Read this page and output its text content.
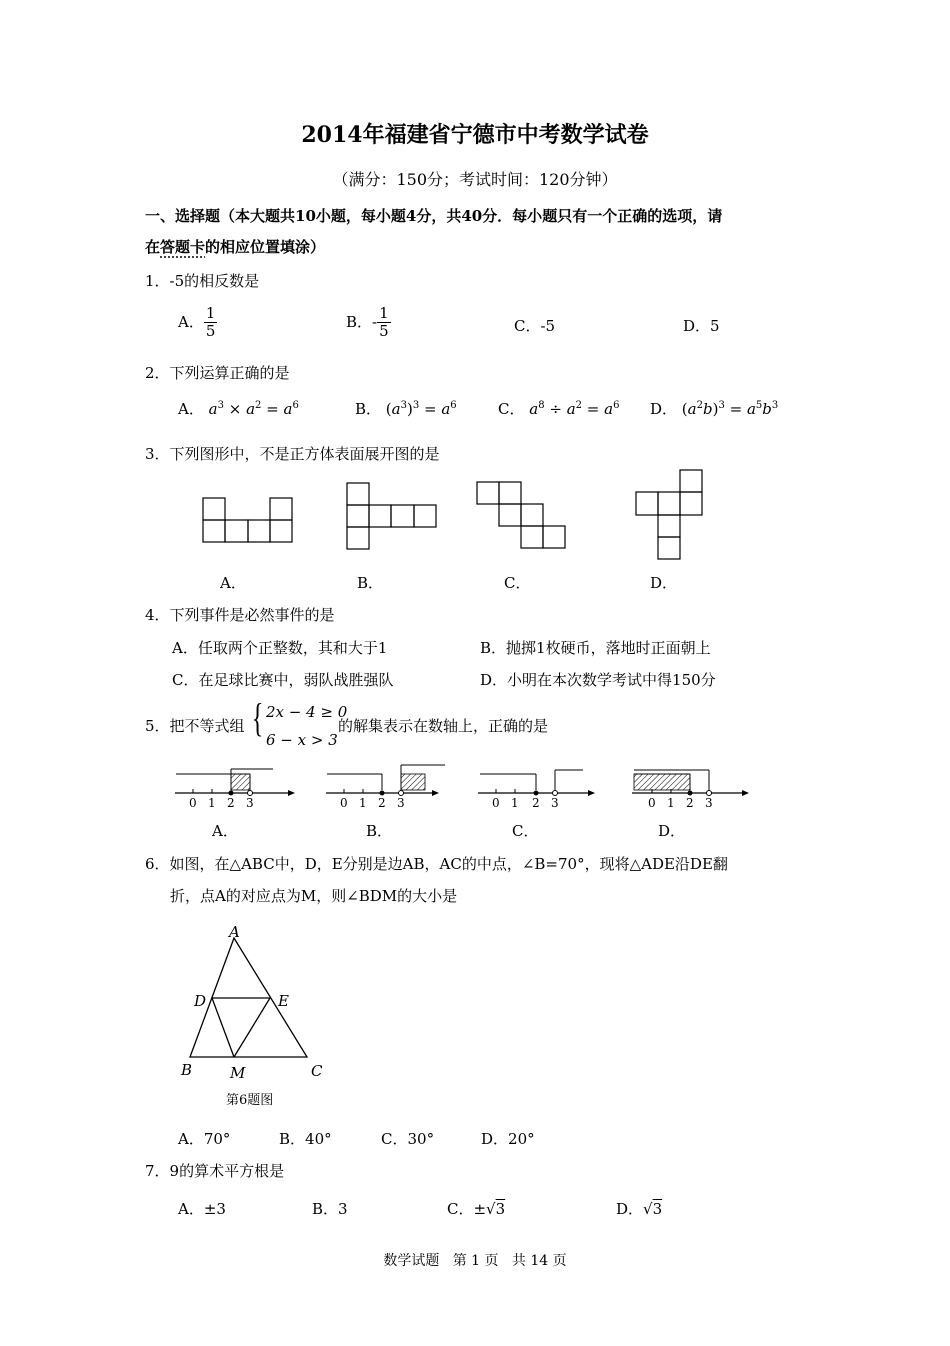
2014年福建省宁德市中考数学试卷
（满分：150分；考试时间：120分钟）
一、选择题（本大题共10小题，每小题4分，共40分．每小题只有一个正确的选项，请
在答题卡的相应位置填涂）
1．-5的相反数是
A． $\frac{1}{5}$	B．- $\frac{1}{5}$	C．-5	D．5
2．下列运算正确的是
A． $a^3 \times a^2 = a^6$	B． $(a^3)^3 = a^6$	C． $a^8 \div a^2 = a^6$ D． $(a^2b)^3 = a^5b^3$
3．下列图形中，不是正方体表面展开图的是
A．	B．	C．	D．
4．下列事件是必然事件的是
A．任取两个正整数，其和大于1	B．抛掷1枚硬币，落地时正面朝上
C．在足球比赛中，弱队战胜强队	D．小明在本次数学考试中得150分
5．把不等式组 { 2x − 4 ≥ 0
6 − x > 3
的解集表示在数轴上，正确的是
0 1 2 3	0 1 2 3	0 1 2 3	0 1 2 3
A．	B．	C．	D．
6．如图，在△ABC中，D，E分别是边AB，AC的中点，∠B=70°，现将△ADE沿DE翻
折，点A的对应点为M，则∠BDM的大小是
A
B	C
D	E
M
第6题图
A．70°	B．40°	C．30°	D．20°
7．9的算术平方根是
A．±3	B．3	C．±√3	D．√3
数学试题   第 1 页   共 14 页
